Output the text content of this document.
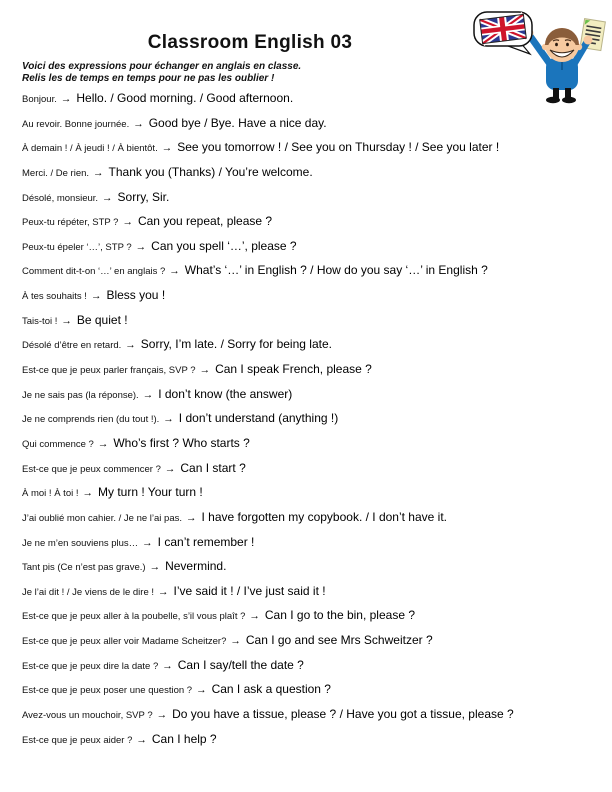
Classroom English 03
Voici des expressions pour échanger en anglais en classe.
Relis les de temps en temps pour ne pas les oublier !
Bonjour. → Hello. / Good morning. / Good afternoon.
Au revoir. Bonne journée. → Good bye / Bye. Have a nice day.
À demain ! / À jeudi ! / À bientôt. → See you tomorrow ! / See you on Thursday ! / See you later !
Merci. / De rien. → Thank you (Thanks) / You’re welcome.
Désolé, monsieur. → Sorry, Sir.
Peux-tu répéter, STP ? → Can you repeat, please ?
Peux-tu épeler ‘…’, STP ? → Can you spell ‘…’, please ?
Comment dit-t-on ‘…’ en anglais ? → What’s ‘…’ in English ? / How do you say ‘…’ in English ?
À tes souhaits ! → Bless you !
Tais-toi ! → Be quiet !
Désolé d’être en retard. → Sorry, I’m late. / Sorry for being late.
Est-ce que je peux parler français, SVP ? → Can I speak French, please ?
Je ne sais pas (la réponse). → I don’t know (the answer)
Je ne comprends rien (du tout !). → I don’t understand (anything !)
Qui commence ? → Who’s first ? Who starts ?
Est-ce que je peux commencer ? → Can I start ?
À moi ! À toi ! → My turn ! Your turn !
J’ai oublié mon cahier. / Je ne l’ai pas. → I have forgotten my copybook. / I don’t have it.
Je ne m’en souviens plus… → I can’t remember !
Tant pis (Ce n’est pas grave.) → Nevermind.
Je l’ai dit ! / Je viens de le dire ! → I’ve said it ! / I’ve just said it !
Est-ce que je peux aller à la poubelle, s’il vous plaît ? → Can I go to the bin, please ?
Est-ce que je peux aller voir Madame Scheitzer? → Can I go and see Mrs Schweitzer ?
Est-ce que je peux dire la date ? → Can I say/tell the date ?
Est-ce que je peux poser une question ? → Can I ask a question ?
Avez-vous un mouchoir, SVP ? → Do you have a tissue, please ? / Have you got a tissue, please ?
Est-ce que je peux aider ? → Can I help ?
